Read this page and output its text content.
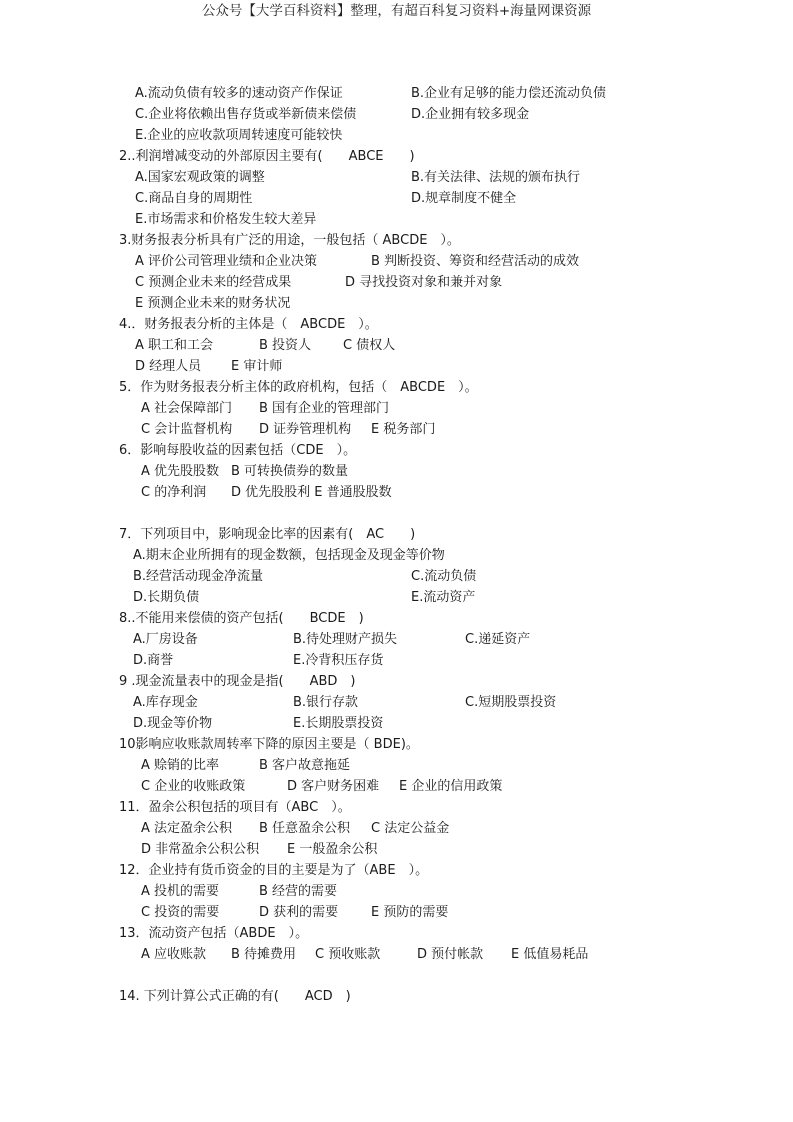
公众号【大学百科资料】整理，有超百科复习资料+海量网课资源
A.流动负债有较多的速动资产作保证	B.企业有足够的能力偿还流动负债
C.企业将依赖出售存货或举新债来偿债	D.企业拥有较多现金
E.企业的应收款项周转速度可能较快
2..利润增减变动的外部原因主要有(　　ABCE　　)
A.国家宏观政策的调整	B.有关法律、法规的颁布执行
C.商品自身的周期性	D.规章制度不健全
E.市场需求和价格发生较大差异
3.财务报表分析具有广泛的用途，一般包括（ ABCDE　）。
A 评价公司管理业绩和企业决策	B 判断投资、筹资和经营活动的成效
C 预测企业未来的经营成果	D 寻找投资对象和兼并对象
E 预测企业未来的财务状况
4.．财务报表分析的主体是（　ABCDE　）。
A 职工和工会	B 投资人 C 债权人
D 经理人员 E 审计师
5．作为财务报表分析主体的政府机构，包括（　ABCDE　）。
A 社会保障部门 B 国有企业的管理部门
C 会计监督机构 D 证券管理机构 E 税务部门
6．影响每股收益的因素包括（CDE　）。
A 优先股股数 B 可转换债券的数量
C 的净利润 D 优先股股利 E 普通股股数
7．下列项目中，影响现金比率的因素有(　AC　　)
A.期末企业所拥有的现金数额，包括现金及现金等价物
B.经营活动现金净流量	C.流动负债
D.长期负债	E.流动资产
8..不能用来偿债的资产包括(　　BCDE　)
A.厂房设备	B.待处理财产损失	C.递延资产
D.商誉	E.冷背积压存货
9 .现金流量表中的现金是指(　　ABD　)
A.库存现金	B.银行存款	C.短期股票投资
D.现金等价物	E.长期股票投资
10影响应收账款周转率下降的原因主要是（ BDE)。
A 赊销的比率	B 客户故意拖延
C 企业的收账政策	D 客户财务困难 E 企业的信用政策
11．盈余公积包括的项目有（ABC　）。
A 法定盈余公积 B 任意盈余公积 C 法定公益金
D 非常盈余公积公积 E 一般盈余公积
12．企业持有货币资金的目的主要是为了（ABE　）。
A 投机的需要	B 经营的需要
C 投资的需要	D 获利的需要	E 预防的需要
13．流动资产包括（ABDE　）。
A 应收账款 B 待摊费用 C 预收账款	D 预付帐款 E 低值易耗品
14. 下列计算公式正确的有(　　ACD　)
